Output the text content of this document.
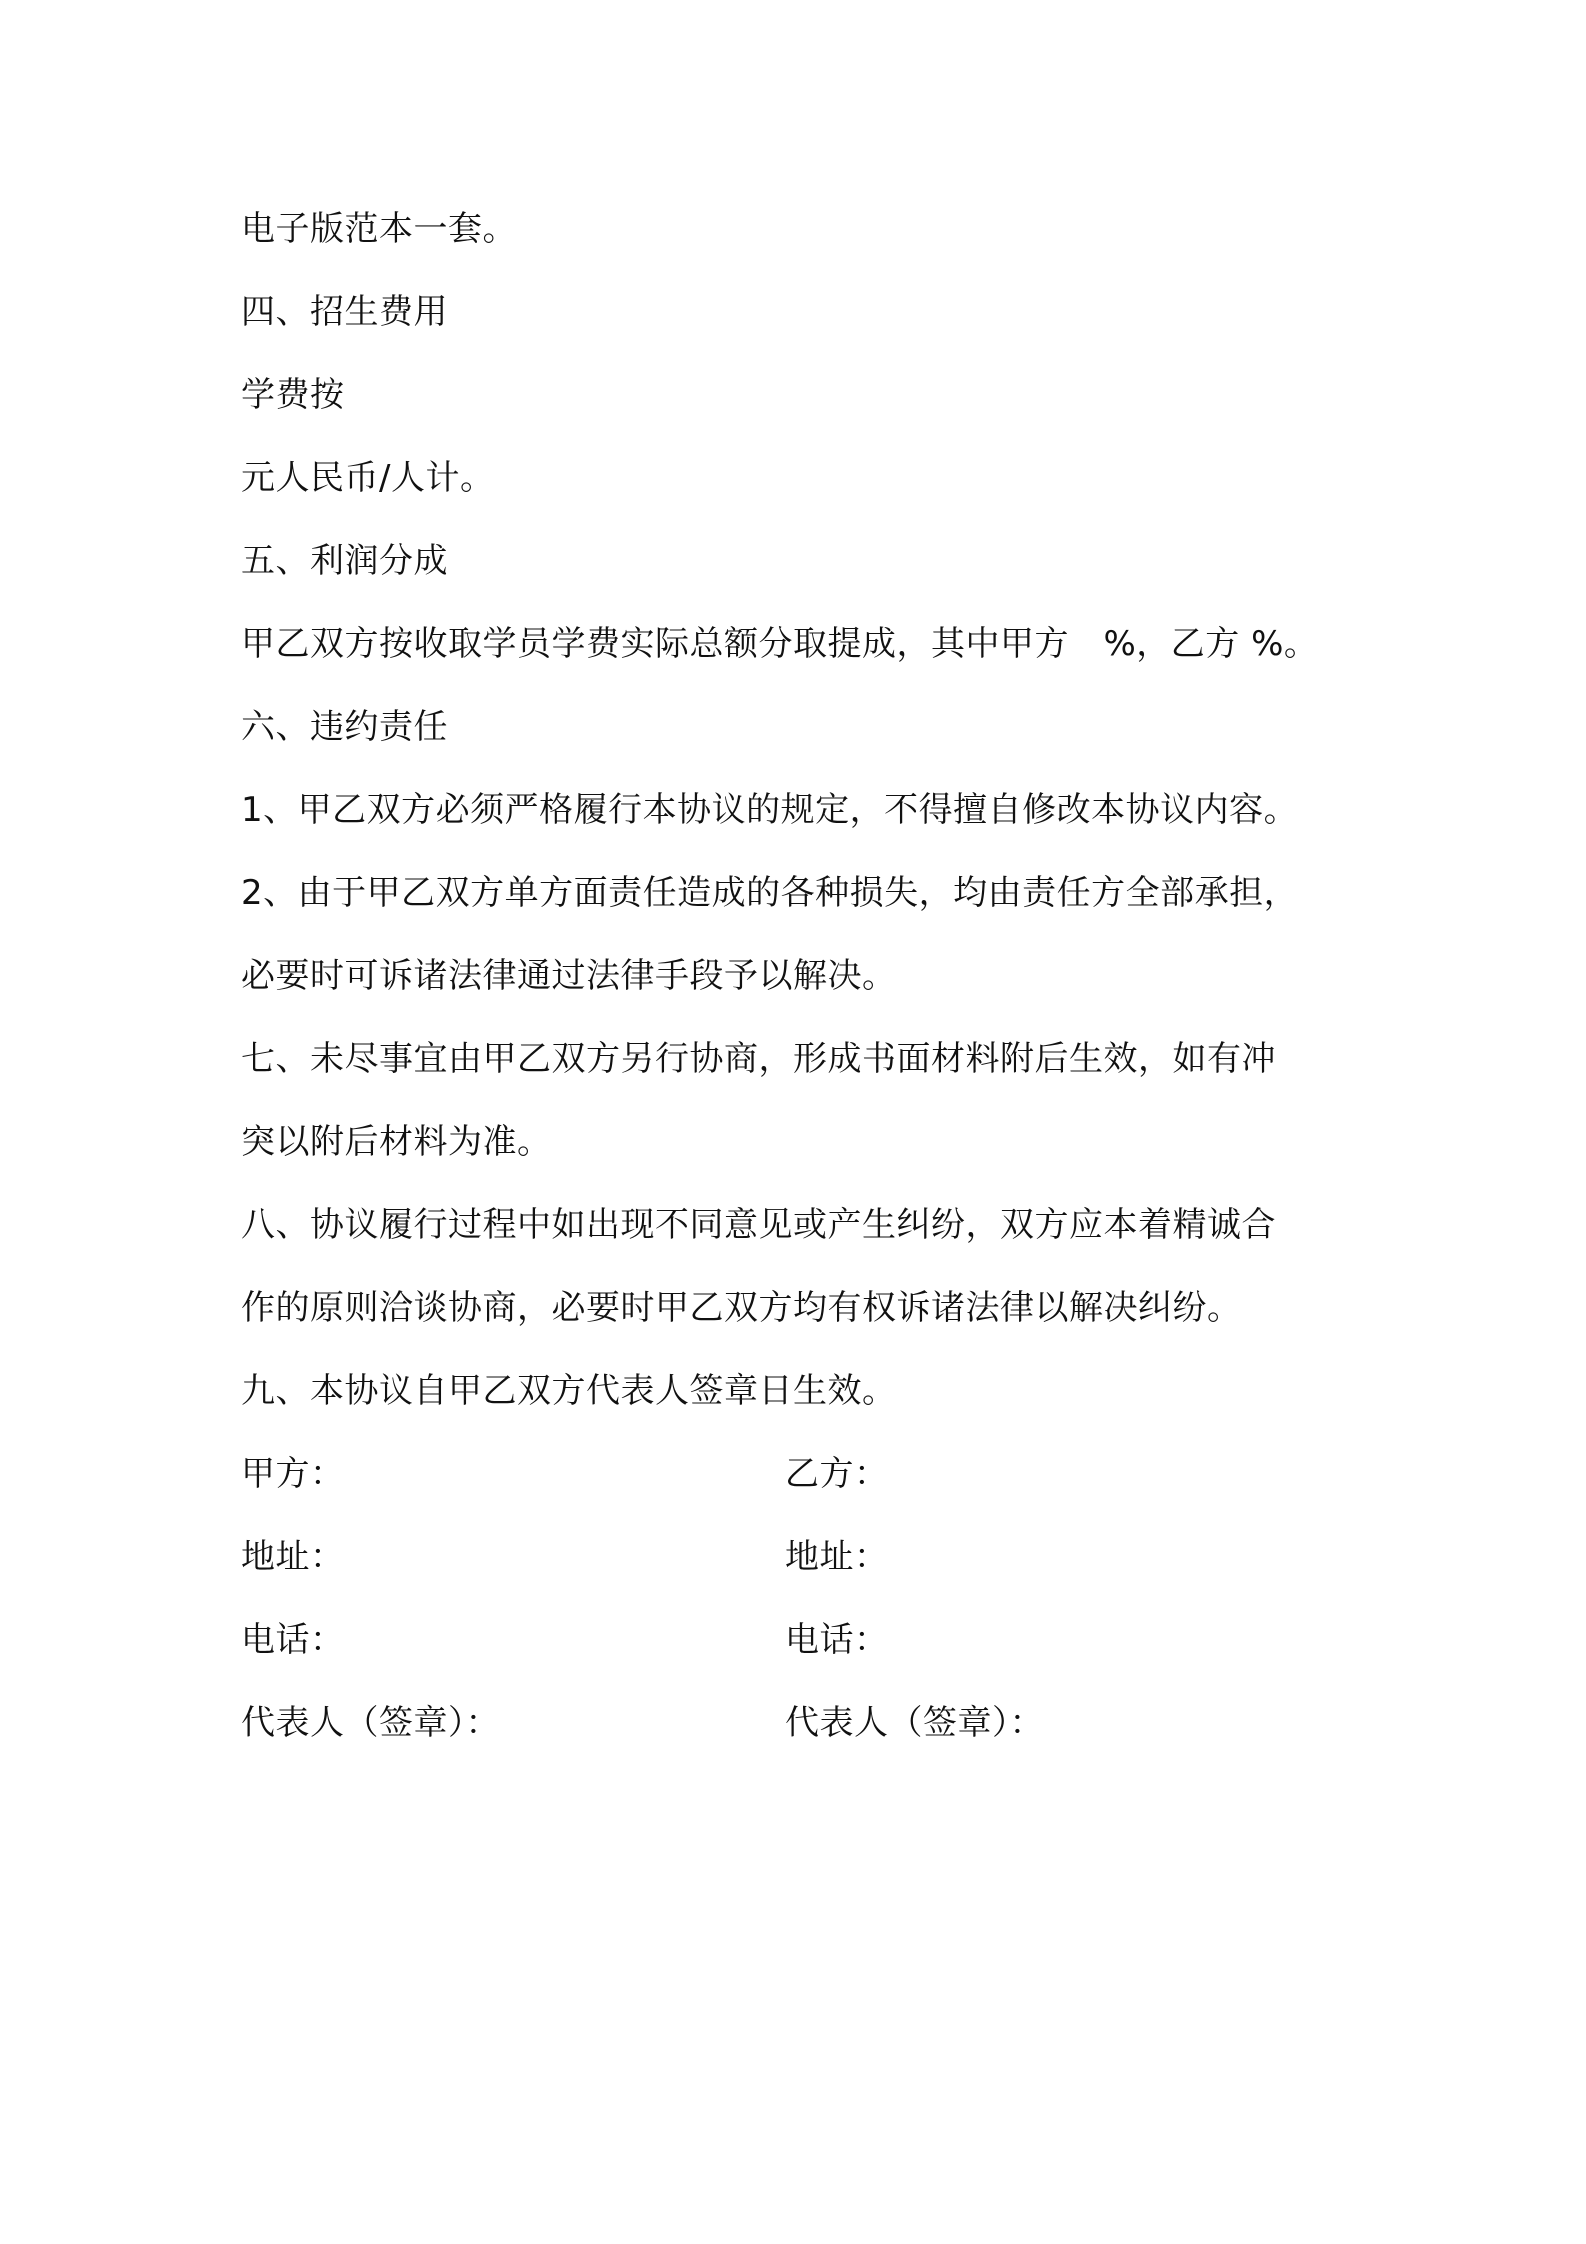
电子版范本一套。
四、招生费用
学费按
元人民币/人计。
五、利润分成
甲乙双方按收取学员学费实际总额分取提成，其中甲方　%，乙方 %。
六、违约责任
1、甲乙双方必须严格履行本协议的规定，不得擅自修改本协议内容。
2、由于甲乙双方单方面责任造成的各种损失，均由责任方全部承担，
必要时可诉诸法律通过法律手段予以解决。
七、未尽事宜由甲乙双方另行协商，形成书面材料附后生效，如有冲
突以附后材料为准。
八、协议履行过程中如出现不同意见或产生纠纷，双方应本着精诚合
作的原则洽谈协商，必要时甲乙双方均有权诉诸法律以解决纠纷。
九、本协议自甲乙双方代表人签章日生效。
甲方：	乙方：
地址：	地址：
电话：	电话：
代表人（签章）：	代表人（签章）：
